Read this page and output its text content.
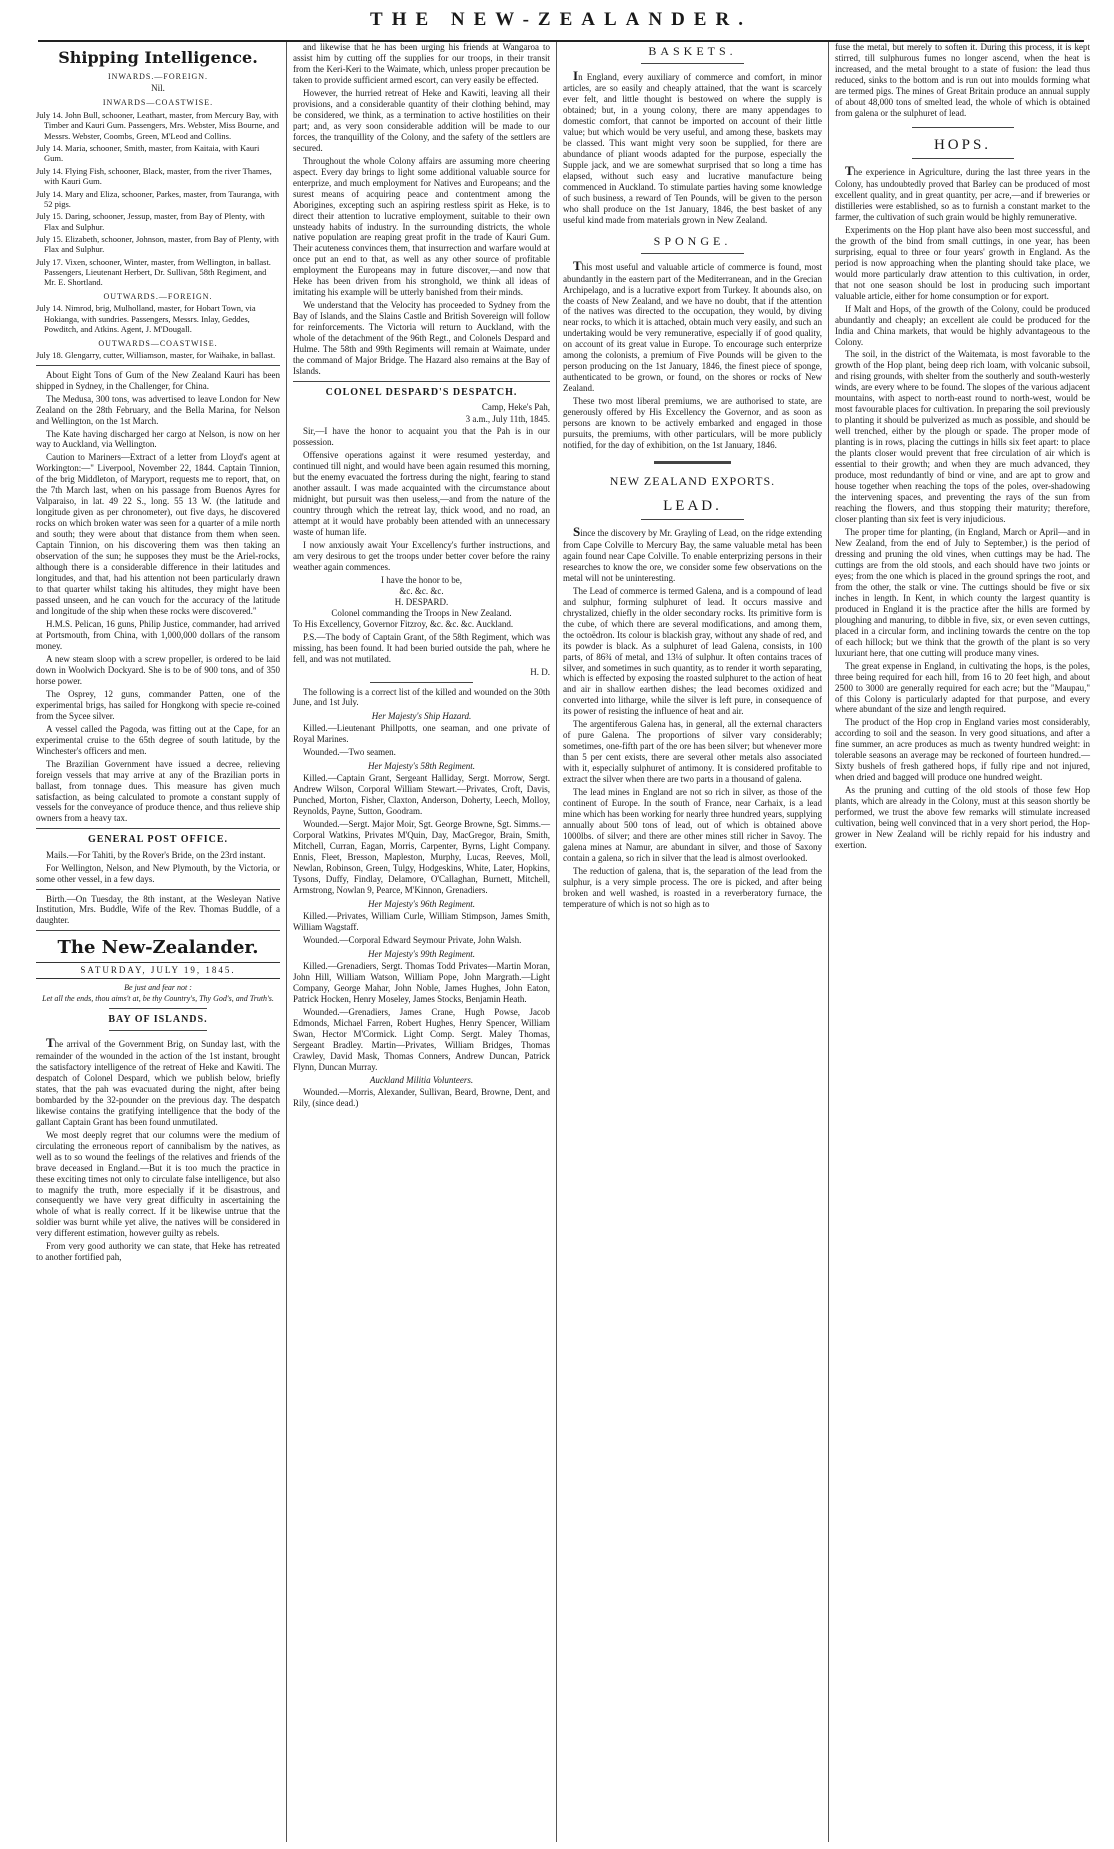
THE NEW-ZEALANDER.
Shipping Intelligence.
INWARDS.—FOREIGN.
Nil.
INWARDS—COASTWISE.
July 14. John Bull, schooner, Leathart, master, from Mercury Bay, with Timber and Kauri Gum. Passengers, Mrs. Webster, Miss Bourne, and Messrs. Webster, Coombs, Green, M'Leod and Collins.
July 14. Maria, schooner, Smith, master, from Kaitaia, with Kauri Gum.
July 14. Flying Fish, schooner, Black, master, from the river Thames, with Kauri Gum.
July 14. Mary and Eliza, schooner, Parkes, master, from Tauranga, with 52 pigs.
July 15. Daring, schooner, Jessup, master, from Bay of Plenty, with Flax and Sulphur.
July 15. Elizabeth, schooner, Johnson, master, from Bay of Plenty, with Flax and Sulphur.
July 17. Vixen, schooner, Winter, master, from Wellington, in ballast. Passengers, Lieutenant Herbert, Dr. Sullivan, 58th Regiment, and Mr. E. Shortland.
OUTWARDS.—FOREIGN.
July 14. Nimrod, brig, Mulholland, master, for Hobart Town, via Hokianga, with sundries. Passengers, Messrs. Inlay, Geddes, Powditch, and Atkins. Agent, J. M'Dougall.
OUTWARDS—COASTWISE.
July 18. Glengarry, cutter, Williamson, master, for Waihake, in ballast.

About Eight Tons of Gum of the New Zealand Kauri has been shipped in Sydney, in the Challenger, for China.

The Medusa, 300 tons, was advertised to leave London for New Zealand on the 28th February, and the Bella Marina, for Nelson and Wellington, on the 1st March.

The Kate having discharged her cargo at Nelson, is now on her way to Auckland, via Wellington.

Caution to Mariners—Extract of a letter from Lloyd's agent at Workington:—" Liverpool, November 22, 1844. Captain Tinnion, of the brig Middleton, of Maryport, requests me to report, that, on the 7th March last, when on his passage from Buenos Ayres for Valparaiso, in lat. 49 22 S., long. 55 13 W. (the latitude and longitude given as per chronometer), out five days, he discovered rocks on which broken water was seen for a quarter of a mile north and south; they were about that distance from them when seen. Captain Tinnion, on his discovering them was then taking an observation of the sun; he supposes they must be the Ariel-rocks, although there is a considerable difference in their latitudes and longitudes, and that, had his attention not been particularly drawn to that quarter whilst taking his altitudes, they might have been passed unseen, and he can vouch for the accuracy of the latitude and longitude of the ship when these rocks were discovered."

H.M.S. Pelican, 16 guns, Philip Justice, commander, had arrived at Portsmouth, from China, with 1,000,000 dollars of the ransom money.

A new steam sloop with a screw propeller, is ordered to be laid down in Woolwich Dockyard. She is to be of 900 tons, and of 350 horse power.

The Osprey, 12 guns, commander Patten, one of the experimental brigs, has sailed for Hongkong with specie re-coined from the Sycee silver.

A vessel called the Pagoda, was fitting out at the Cape, for an experimental cruise to the 65th degree of south latitude, by the Winchester's officers and men.

The Brazilian Government have issued a decree, relieving foreign vessels that may arrive at any of the Brazilian ports in ballast, from tonnage dues. This measure has given much satisfaction, as being calculated to promote a constant supply of vessels for the conveyance of produce thence, and thus relieve ship owners from a heavy tax.

GENERAL POST OFFICE.

Mails.—For Tahiti, by the Rover's Bride, on the 23rd instant.

For Wellington, Nelson, and New Plymouth, by the Victoria, or some other vessel, in a few days.

Birth.—On Tuesday, the 8th instant, at the Wesleyan Native Institution, Mrs. Buddle, Wife of the Rev. Thomas Buddle, of a daughter.

The New-Zealander.
SATURDAY, JULY 19, 1845.
Be just and fear not :
Let all the ends, thou aims't at, be thy Country's, Thy God's, and Truth's.
BAY OF ISLANDS.

The arrival of the Government Brig, on Sunday last, with the remainder of the wounded in the action of the 1st instant, brought the satisfactory intelligence of the retreat of Heke and Kawiti. The despatch of Colonel Despard, which we publish below, briefly states, that the pah was evacuated during the night, after being bombarded by the 32-pounder on the previous day. The despatch likewise contains the gratifying intelligence that the body of the gallant Captain Grant has been found unmutilated.

We most deeply regret that our columns were the medium of circulating the erroneous report of cannibalism by the natives, as well as to so wound the feelings of the relatives and friends of the brave deceased in England.—But it is too much the practice in these exciting times not only to circulate false intelligence, but also to magnify the truth, more especially if it be disastrous, and consequently we have very great difficulty in ascertaining the whole of what is really correct. If it be likewise untrue that the soldier was burnt while yet alive, the natives will be considered in very different estimation, however guilty as rebels.

From very good authority we can state, that Heke has retreated to another fortified pah,

and likewise that he has been urging his friends at Wangaroa to assist him by cutting off the supplies for our troops, in their transit from the Keri-Keri to the Waimate, which, unless proper precaution be taken to provide sufficient armed escort, can very easily be effected.

However, the hurried retreat of Heke and Kawiti, leaving all their provisions, and a considerable quantity of their clothing behind, may be considered, we think, as a termination to active hostilities on their part; and, as very soon considerable addition will be made to our forces, the tranquillity of the Colony, and the safety of the settlers are secured.

Throughout the whole Colony affairs are assuming more cheering aspect. Every day brings to light some additional valuable source for enterprize, and much employment for Natives and Europeans; and the surest means of acquiring peace and contentment among the Aborigines, excepting such an aspiring restless spirit as Heke, is to direct their attention to lucrative employment, suitable to their own unsteady habits of industry. In the surrounding districts, the whole native population are reaping great profit in the trade of Kauri Gum. Their acuteness convinces them, that insurrection and warfare would at once put an end to that, as well as any other source of profitable employment the Europeans may in future discover,—and now that Heke has been driven from his stronghold, we think all ideas of imitating his example will be utterly banished from their minds.

We understand that the Velocity has proceeded to Sydney from the Bay of Islands, and the Slains Castle and British Sovereign will follow for reinforcements. The Victoria will return to Auckland, with the whole of the detachment of the 96th Regt., and Colonels Despard and Hulme. The 58th and 99th Regiments will remain at Waimate, under the command of Major Bridge. The Hazard also remains at the Bay of Islands.

COLONEL DESPARD'S DESPATCH.
Camp, Heke's Pah,
3 a.m., July 11th, 1845.

Sir,—I have the honor to acquaint you that the Pah is in our possession.

Offensive operations against it were resumed yesterday, and continued till night, and would have been again resumed this morning, but the enemy evacuated the fortress during the night, fearing to stand another assault. I was made acquainted with the circumstance about midnight, but pursuit was then useless,—and from the nature of the country through which the retreat lay, thick wood, and no road, an attempt at it would have probably been attended with an unnecessary waste of human life.

I now anxiously await Your Excellency's further instructions, and am very desirous to get the troops under better cover before the rainy weather again commences.

I have the honor to be,
&c. &c. &c.
H. DESPARD.
Colonel commanding the Troops in New Zealand.

To His Excellency, Governor Fitzroy, &c. &c. &c. Auckland.

P.S.—The body of Captain Grant, of the 58th Regiment, which was missing, has been found. It had been buried outside the pah, where he fell, and was not mutilated.

H. D.

The following is a correct list of the killed and wounded on the 30th June, and 1st July.

Her Majesty's Ship Hazard.

Killed.—Lieutenant Phillpotts, one seaman, and one private of Royal Marines.

Wounded.—Two seamen.

Her Majesty's 58th Regiment.

Killed.—Captain Grant, Sergeant Halliday, Sergt. Morrow, Sergt. Andrew Wilson, Corporal William Stewart.—Privates, Croft, Davis, Punched, Morton, Fisher, Claxton, Anderson, Doherty, Leech, Molloy, Reynolds, Payne, Sutton, Goodram.

Wounded.—Sergt. Major Moir, Sgt. George Browne, Sgt. Simms.—Corporal Watkins, Privates M'Quin, Day, MacGregor, Brain, Smith, Mitchell, Curran, Eagan, Morris, Carpenter, Byrns, Light Company. Ennis, Fleet, Bresson, Mapleston, Murphy, Lucas, Reeves, Moll, Newlan, Robinson, Green, Tulgy, Hodgeskins, White, Later, Hopkins, Tysons, Duffy, Findlay, Delamore, O'Callaghan, Burnett, Mitchell, Armstrong, Nowlan 9, Pearce, M'Kinnon, Grenadiers.

Her Majesty's 96th Regiment.

Killed.—Privates, William Curle, William Stimpson, James Smith, William Wagstaff.

Wounded.—Corporal Edward Seymour Private, John Walsh.

Her Majesty's 99th Regiment.

Killed.—Grenadiers, Sergt. Thomas Todd Privates—Martin Moran, John Hill, William Watson, William Pope, John Margrath.—Light Company, George Mahar, John Noble, James Hughes, John Eaton, Patrick Hocken, Henry Moseley, James Stocks, Benjamin Heath.

Wounded.—Grenadiers, James Crane, Hugh Powse, Jacob Edmonds, Michael Farren, Robert Hughes, Henry Spencer, William Swan, Hector M'Cormick. Light Comp. Sergt. Maley Thomas, Sergeant Bradley. Martin—Privates, William Bridges, Thomas Crawley, David Mask, Thomas Conners, Andrew Duncan, Patrick Flynn, Duncan Murray.

Auckland Militia Volunteers.

Wounded.—Morris, Alexander, Sullivan, Beard, Browne, Dent, and Rily, (since dead.)

BASKETS.

In England, every auxiliary of commerce and comfort, in minor articles, are so easily and cheaply attained, that the want is scarcely ever felt, and little thought is bestowed on where the supply is obtained; but, in a young colony, there are many appendages to domestic comfort, that cannot be imported on account of their little value; but which would be very useful, and among these, baskets may be classed. This want might very soon be supplied, for there are abundance of pliant woods adapted for the purpose, especially the Supple jack, and we are somewhat surprised that so long a time has elapsed, without such easy and lucrative manufacture being commenced in Auckland. To stimulate parties having some knowledge of such business, a reward of Ten Pounds, will be given to the person who shall produce on the 1st January, 1846, the best basket of any useful kind made from materials grown in New Zealand.

SPONGE.

This most useful and valuable article of commerce is found, most abundantly in the eastern part of the Mediterranean, and in the Grecian Archipelago, and is a lucrative export from Turkey. It abounds also, on the coasts of New Zealand, and we have no doubt, that if the attention of the natives was directed to the occupation, they would, by diving near rocks, to which it is attached, obtain much very easily, and such an undertaking would be very remunerative, especially if of good quality, on account of its great value in Europe. To encourage such enterprize among the colonists, a premium of Five Pounds will be given to the person producing on the 1st January, 1846, the finest piece of sponge, authenticated to be grown, or found, on the shores or rocks of New Zealand.

These two most liberal premiums, we are authorised to state, are generously offered by His Excellency the Governor, and as soon as persons are known to be actively embarked and engaged in those pursuits, the premiums, with other particulars, will be more publicly notified, for the day of exhibition, on the 1st January, 1846.

NEW ZEALAND EXPORTS.
LEAD.

Since the discovery by Mr. Grayling of Lead, on the ridge extending from Cape Colville to Mercury Bay, the same valuable metal has been again found near Cape Colville. To enable enterprizing persons in their researches to know the ore, we consider some few observations on the metal will not be uninteresting.

The Lead of commerce is termed Galena, and is a compound of lead and sulphur, forming sulphuret of lead. It occurs massive and chrystalized, chiefly in the older secondary rocks. Its primitive form is the cube, of which there are several modifications, and among them, the octoëdron. Its colour is blackish gray, without any shade of red, and its powder is black. As a sulphuret of lead Galena, consists, in 100 parts, of 86¾ of metal, and 13¼ of sulphur. It often contains traces of silver, and sometimes in such quantity, as to render it worth separating, which is effected by exposing the roasted sulphuret to the action of heat and air in shallow earthen dishes; the lead becomes oxidized and converted into litharge, while the silver is left pure, in consequence of its power of resisting the influence of heat and air.

The argentiferous Galena has, in general, all the external characters of pure Galena. The proportions of silver vary considerably; sometimes, one-fifth part of the ore has been silver; but whenever more than 5 per cent exists, there are several other metals also associated with it, especially sulphuret of antimony. It is considered profitable to extract the silver when there are two parts in a thousand of galena.

The lead mines in England are not so rich in silver, as those of the continent of Europe. In the south of France, near Carhaix, is a lead mine which has been working for nearly three hundred years, supplying annually about 500 tons of lead, out of which is obtained above 1000lbs. of silver; and there are other mines still richer in Savoy. The galena mines at Namur, are abundant in silver, and those of Saxony contain a galena, so rich in silver that the lead is almost overlooked.

The reduction of galena, that is, the separation of the lead from the sulphur, is a very simple process. The ore is picked, and after being broken and well washed, is roasted in a reverberatory furnace, the temperature of which is not so high as to

fuse the metal, but merely to soften it. During this process, it is kept stirred, till sulphurous fumes no longer ascend, when the heat is increased, and the metal brought to a state of fusion: the lead thus reduced, sinks to the bottom and is run out into moulds forming what are termed pigs. The mines of Great Britain produce an annual supply of about 48,000 tons of smelted lead, the whole of which is obtained from galena or the sulphuret of lead.

HOPS.

The experience in Agriculture, during the last three years in the Colony, has undoubtedly proved that Barley can be produced of most excellent quality, and in great quantity, per acre,—and if breweries or distilleries were established, so as to furnish a constant market to the farmer, the cultivation of such grain would be highly remunerative.

Experiments on the Hop plant have also been most successful, and the growth of the bind from small cuttings, in one year, has been surprising, equal to three or four years' growth in England. As the period is now approaching when the planting should take place, we would more particularly draw attention to this cultivation, in order, that not one season should be lost in producing such important valuable article, either for home consumption or for export.

If Malt and Hops, of the growth of the Colony, could be produced abundantly and cheaply; an excellent ale could be produced for the India and China markets, that would be highly advantageous to the Colony.

The soil, in the district of the Waitemata, is most favorable to the growth of the Hop plant, being deep rich loam, with volcanic subsoil, and rising grounds, with shelter from the southerly and south-westerly winds, are every where to be found. The slopes of the various adjacent mountains, with aspect to north-east round to north-west, would be most favourable places for cultivation. In preparing the soil previously to planting it should be pulverized as much as possible, and should be well trenched, either by the plough or spade. The proper mode of planting is in rows, placing the cuttings in hills six feet apart: to place the plants closer would prevent that free circulation of air which is essential to their growth; and when they are much advanced, they produce, most redundantly of bind or vine, and are apt to grow and house together when reaching the tops of the poles, over-shadowing the intervening spaces, and preventing the rays of the sun from reaching the flowers, and thus stopping their maturity; therefore, closer planting than six feet is very injudicious.

The proper time for planting, (in England, March or April—and in New Zealand, from the end of July to September,) is the period of dressing and pruning the old vines, when cuttings may be had. The cuttings are from the old stools, and each should have two joints or eyes; from the one which is placed in the ground springs the root, and from the other, the stalk or vine. The cuttings should be five or six inches in length. In Kent, in which county the largest quantity is produced in England it is the practice after the hills are formed by ploughing and manuring, to dibble in five, six, or even seven cuttings, placed in a circular form, and inclining towards the centre on the top of each hillock; but we think that the growth of the plant is so very luxuriant here, that one cutting will produce many vines.

The great expense in England, in cultivating the hops, is the poles, three being required for each hill, from 16 to 20 feet high, and about 2500 to 3000 are generally required for each acre; but the "Maupau," of this Colony is particularly adapted for that purpose, and every where abundant of the size and length required.

The product of the Hop crop in England varies most considerably, according to soil and the season. In very good situations, and after a fine summer, an acre produces as much as twenty hundred weight: in tolerable seasons an average may be reckoned of fourteen hundred.—Sixty bushels of fresh gathered hops, if fully ripe and not injured, when dried and bagged will produce one hundred weight.

As the pruning and cutting of the old stools of those few Hop plants, which are already in the Colony, must at this season shortly be performed, we trust the above few remarks will stimulate increased cultivation, being well convinced that in a very short period, the Hop-grower in New Zealand will be richly repaid for his industry and exertion.
